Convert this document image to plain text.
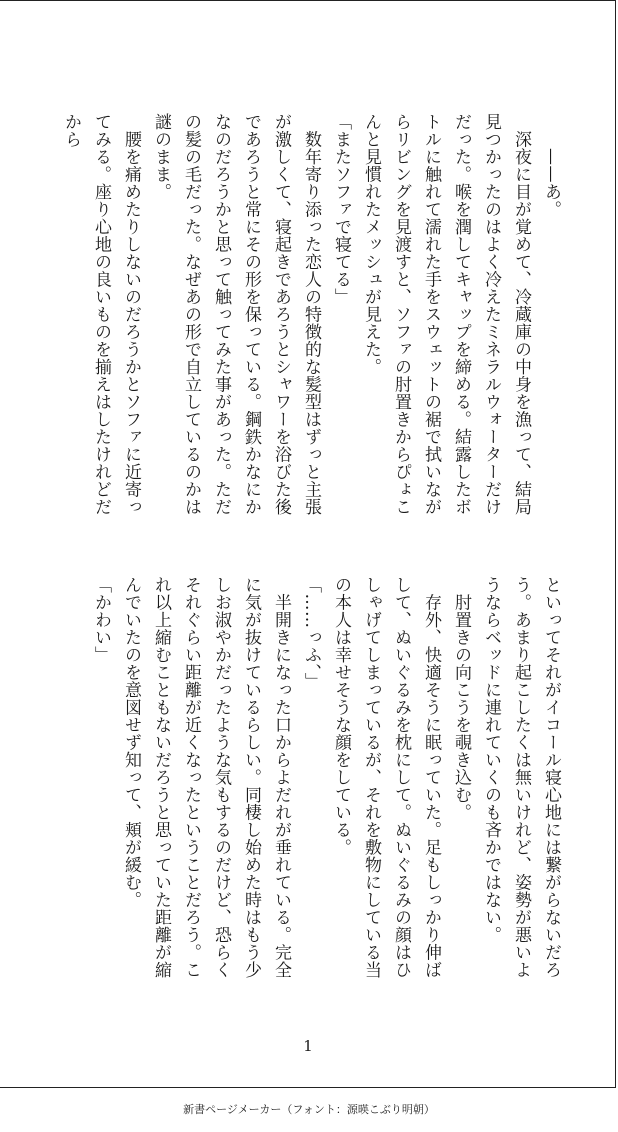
　　——あ。

　深夜に目が覚めて、冷蔵庫の中身を漁って、結局見つかったのはよく冷えたミネラルウォーターだけだった。喉を潤してキャップを締める。結露したボトルに触れて濡れた手をスウェットの裾で拭いながらリビングを見渡すと、ソファの肘置きからぴょこんと見慣れたメッシュが見えた。

「またソファで寝てる」

　数年寄り添った恋人の特徴的な髪型はずっと主張が激しくて、寝起きであろうとシャワーを浴びた後であろうと常にその形を保っている。鋼鉄かなにかなのだろうかと思って触ってみた事があった。ただの髪の毛だった。なぜあの形で自立しているのかは謎のまま。

　腰を痛めたりしないのだろうかとソファに近寄ってみる。座り心地の良いものを揃えはしたけれどだから

といってそれがイコール寝心地には繋がらないだろう。あまり起こしたくは無いけれど、姿勢が悪いようならベッドに連れていくのも吝かではない。

　肘置きの向こうを覗き込む。

　存外、快適そうに眠っていた。足もしっかり伸ばして、ぬいぐるみを枕にして。ぬいぐるみの顔はひしゃげてしまっているが、それを敷物にしている当の本人は幸せそうな顔をしている。

「……っふ、」

　半開きになった口からよだれが垂れている。完全に気が抜けているらしい。同棲し始めた時はもう少しお淑やかだったような気もするのだけど、恐らくそれぐらい距離が近くなったということだろう。これ以上縮むこともないだろうと思っていた距離が縮んでいたのを意図せず知って、頬が緩む。

「かわい」

1
新書ページメーカー（フォント：源暎こぶり明朝）
